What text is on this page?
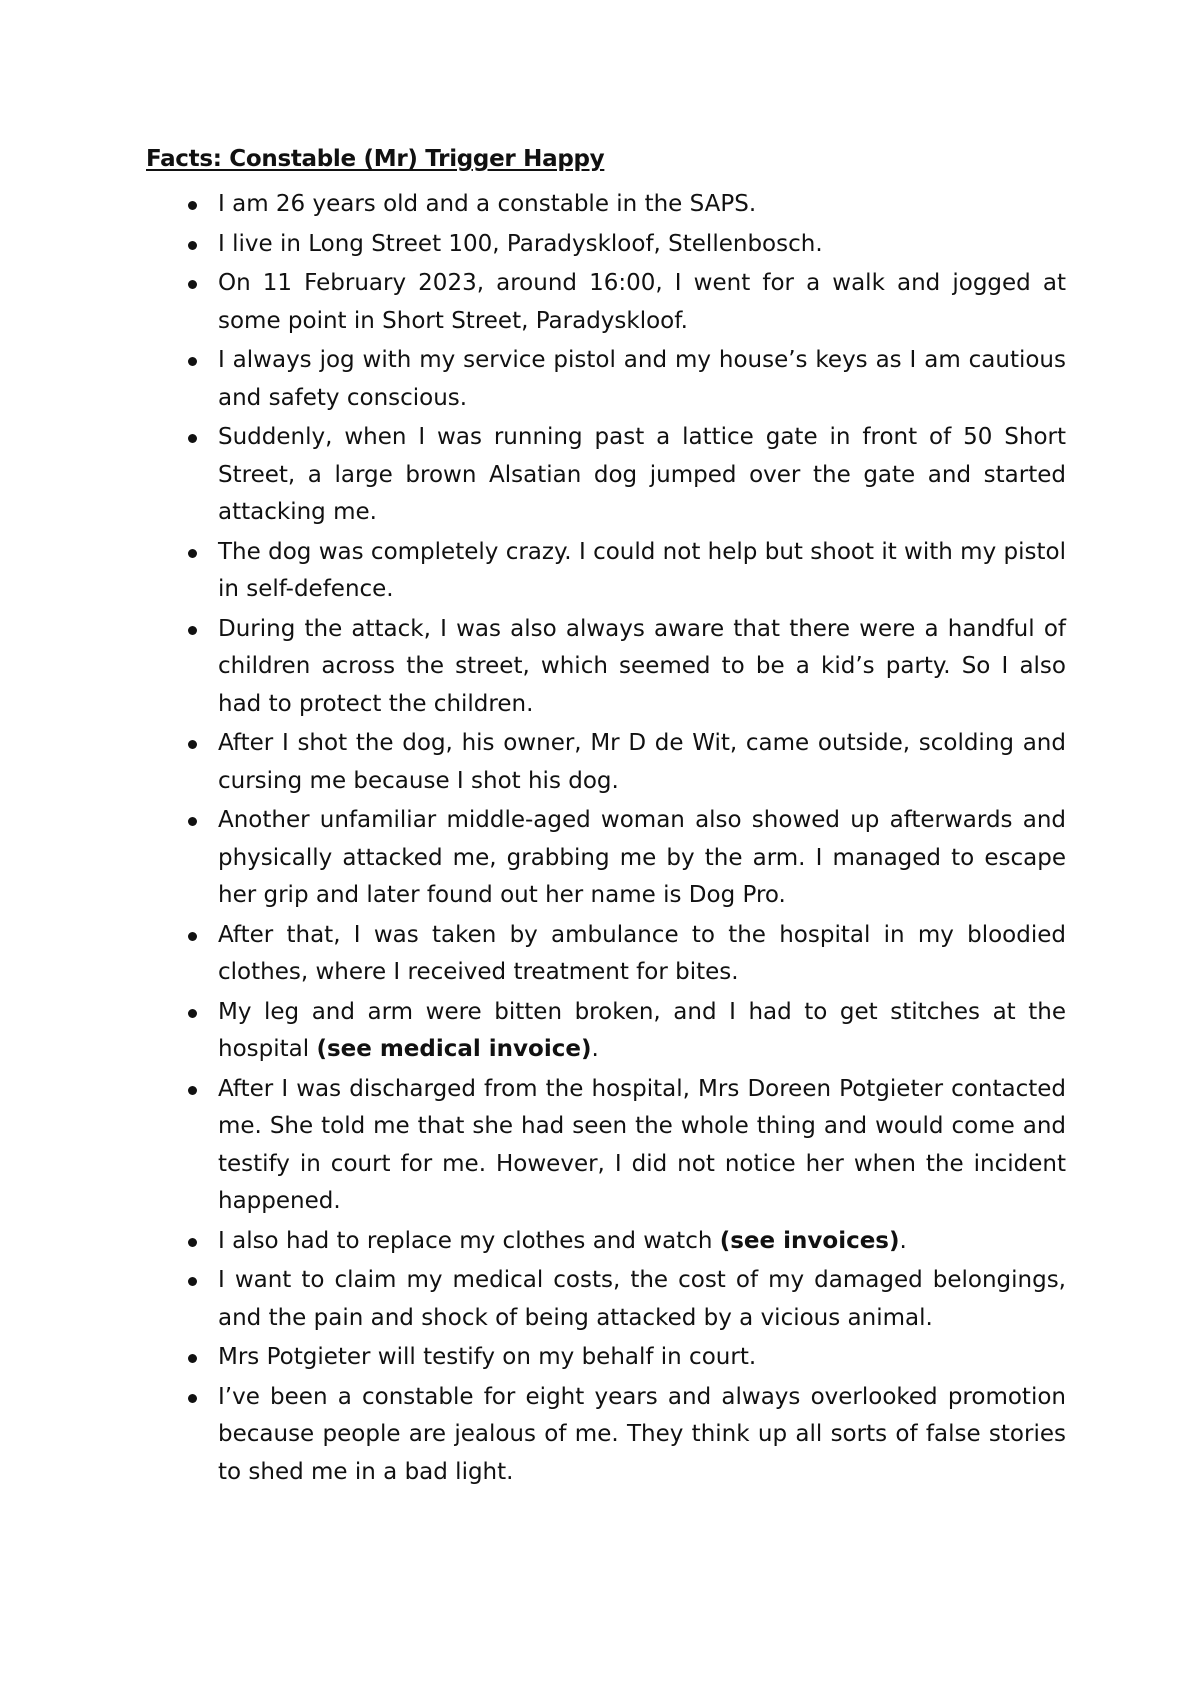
Facts: Constable (Mr) Trigger Happy
I am 26 years old and a constable in the SAPS.
I live in Long Street 100, Paradyskloof, Stellenbosch.
On 11 February 2023, around 16:00, I went for a walk and jogged at some point in Short Street, Paradyskloof.
I always jog with my service pistol and my house’s keys as I am cautious and safety conscious.
Suddenly, when I was running past a lattice gate in front of 50 Short Street, a large brown Alsatian dog jumped over the gate and started attacking me.
The dog was completely crazy. I could not help but shoot it with my pistol in self-defence.
During the attack, I was also always aware that there were a handful of children across the street, which seemed to be a kid’s party. So I also had to protect the children.
After I shot the dog, his owner, Mr D de Wit, came outside, scolding and cursing me because I shot his dog.
Another unfamiliar middle-aged woman also showed up afterwards and physically attacked me, grabbing me by the arm. I managed to escape her grip and later found out her name is Dog Pro.
After that, I was taken by ambulance to the hospital in my bloodied clothes, where I received treatment for bites.
My leg and arm were bitten broken, and I had to get stitches at the hospital (see medical invoice).
After I was discharged from the hospital, Mrs Doreen Potgieter contacted me. She told me that she had seen the whole thing and would come and testify in court for me. However, I did not notice her when the incident happened.
I also had to replace my clothes and watch (see invoices).
I want to claim my medical costs, the cost of my damaged belongings, and the pain and shock of being attacked by a vicious animal.
Mrs Potgieter will testify on my behalf in court.
I’ve been a constable for eight years and always overlooked promotion because people are jealous of me. They think up all sorts of false stories to shed me in a bad light.
